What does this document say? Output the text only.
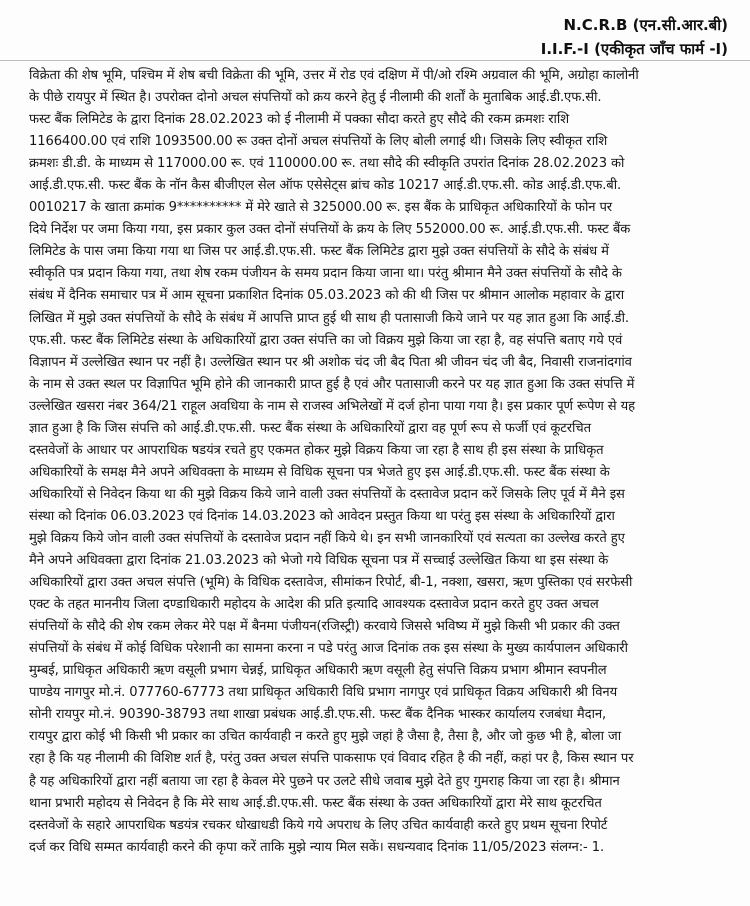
N.C.R.B (एन.सी.आर.बी)
I.I.F.-I (एकीकृत जाँच फार्म -I)
विक्रेता की शेष भूमि, पश्चिम में शेष बची विक्रेता की भूमि, उत्तर में रोड एवं दक्षिण में पी/ओ रश्मि अग्रवाल की भूमि, अग्रोहा कालोनी
के पीछे रायपुर में स्थित है। उपरोक्त दोनो अचल संपत्तियों को क्रय करने हेतु ई नीलामी की शर्तों के मुताबिक आई.डी.एफ.सी.
फस्ट बैंक लिमिटेड के द्वारा दिनांक 28.02.2023 को ई नीलामी में पक्का सौदा करते हुए सौदे की रकम क्रमशः राशि
1166400.00 एवं राशि 1093500.00 रू उक्त दोनों अचल संपत्तियों के लिए बोली लगाई थी। जिसके लिए स्वीकृत राशि
क्रमशः डी.डी. के माध्यम से 117000.00 रू. एवं 110000.00 रू. तथा सौदे की स्वीकृति उपरांत दिनांक 28.02.2023 को
आई.डी.एफ.सी. फस्ट बैंक के नॉन कैस बीजीएल सेल ऑफ एसेसेट्स ब्रांच कोड 10217 आई.डी.एफ.सी. कोड आई.डी.एफ.बी.
0010217 के खाता क्रमांक 9********** में मेरे खाते से 325000.00 रू. इस बैंक के प्राधिकृत अधिकारियों के फोन पर
दिये निर्देश पर जमा किया गया, इस प्रकार कुल उक्त दोनों संपत्तियों के क्रय के लिए 552000.00 रू. आई.डी.एफ.सी. फस्ट बैंक
लिमिटेड के पास जमा किया गया था जिस पर आई.डी.एफ.सी. फस्ट बैंक लिमिटेड द्वारा मुझे उक्त संपत्तियों के सौदे के संबंध में
स्वीकृति पत्र प्रदान किया गया, तथा शेष रकम पंजीयन के समय प्रदान किया जाना था। परंतु श्रीमान मैने उक्त संपत्तियों के सौदे के
संबंध में दैनिक समाचार पत्र में आम सूचना प्रकाशित दिनांक 05.03.2023 को की थी जिस पर श्रीमान आलोक महावार के द्वारा
लिखित में मुझे उक्त संपत्तियों के सौदे के संबंध में आपत्ति प्राप्त हुई थी साथ ही पतासाजी किये जाने पर यह ज्ञात हुआ कि आई.डी.
एफ.सी. फस्ट बैंक लिमिटेड संस्था के अधिकारियों द्वारा उक्त संपत्ति का जो विक्रय मुझे किया जा रहा है, वह संपत्ति बताए गये एवं
विज्ञापन में उल्लेखित स्थान पर नहीं है। उल्लेखित स्थान पर श्री अशोक चंद जी बैद पिता श्री जीवन चंद जी बैद, निवासी राजनांदगांव
के नाम से उक्त स्थल पर विज्ञापित भूमि होने की जानकारी प्राप्त हुई है एवं और पतासाजी करने पर यह ज्ञात हुआ कि उक्त संपत्ति में
उल्लेखित खसरा नंबर 364/21 राहूल अवधिया के नाम से राजस्व अभिलेखों में दर्ज होना पाया गया है। इस प्रकार पूर्ण रूपेण से यह
ज्ञात हुआ है कि जिस संपत्ति को आई.डी.एफ.सी. फस्ट बैंक संस्था के अधिकारियों द्वारा वह पूर्ण रूप से फर्जी एवं कूटरचित
दस्तवेजों के आधार पर आपराधिक षडयंत्र रचते हुए एकमत होकर मुझे विक्रय किया जा रहा है साथ ही इस संस्था के प्राधिकृत
अधिकारियों के समक्ष मैने अपने अधिवक्ता के माध्यम से विधिक सूचना पत्र भेजते हुए इस आई.डी.एफ.सी. फस्ट बैंक संस्था के
अधिकारियों से निवेदन किया था की मुझे विक्रय किये जाने वाली उक्त संपत्तियों के दस्तावेज प्रदान करें जिसके लिए पूर्व में मैने इस
संस्था को दिनांक 06.03.2023 एवं दिनांक 14.03.2023 को आवेदन प्रस्तुत किया था परंतु इस संस्था के अधिकारियों द्वारा
मुझे विक्रय किये जोन वाली उक्त संपत्तियों के दस्तावेज प्रदान नहीं किये थे। इन सभी जानकारियों एवं सत्यता का उल्लेख करते हुए
मैने अपने अधिवक्ता द्वारा दिनांक 21.03.2023 को भेजो गये विधिक सूचना पत्र में सच्चाई उल्लेखित किया था इस संस्था के
अधिकारियों द्वारा उक्त अचल संपत्ति (भूमि) के विधिक दस्तावेज, सीमांकन रिपोर्ट, बी-1, नक्शा, खसरा, ऋण पुस्तिका एवं सरफेसी
एक्ट के तहत माननीय जिला दण्डाधिकारी महोदय के आदेश की प्रति इत्यादि आवश्यक दस्तावेज प्रदान करते हुए उक्त अचल
संपत्तियों के सौदे की शेष रकम लेकर मेरे पक्ष में बैनमा पंजीयन(रजिस्ट्री) करवाये जिससे भविष्य में मुझे किसी भी प्रकार की उक्त
संपत्तियों के संबंध में कोई विधिक परेशानी का सामना करना न पडे परंतु आज दिनांक तक इस संस्था के मुख्य कार्यपालन अधिकारी
मुम्बई, प्राधिकृत अधिकारी ऋण वसूली प्रभाग चेन्नई, प्राधिकृत अधिकारी ऋण वसूली हेतु संपत्ति विक्रय प्रभाग श्रीमान स्वपनील
पाण्डेय नागपुर मो.नं. 077760-67773 तथा प्राधिकृत अधिकारी विधि प्रभाग नागपुर एवं प्राधिकृत विक्रय अधिकारी श्री विनय
सोनी रायपुर मो.नं. 90390-38793 तथा शाखा प्रबंधक आई.डी.एफ.सी. फस्ट बैंक दैनिक भास्कर कार्यालय रजबंधा मैदान,
रायपुर द्वारा कोई भी किसी भी प्रकार का उचित कार्यवाही न करते हुए मुझे जहां है जैसा है, तैसा है, और जो कुछ भी है, बोला जा
रहा है कि यह नीलामी की विशिष्ट शर्त है, परंतु उक्त अचल संपत्ति पाकसाफ एवं विवाद रहित है की नहीं, कहां पर है, किस स्थान पर
है यह अधिकारियों द्वारा नहीं बताया जा रहा है केवल मेरे पुछने पर उलटे सीधे जवाब मुझे देते हुए गुमराह किया जा रहा है। श्रीमान
थाना प्रभारी महोदय से निवेदन है कि मेरे साथ आई.डी.एफ.सी. फस्ट बैंक संस्था के उक्त अधिकारियों द्वारा मेरे साथ कूटरचित
दस्तवेजों के सहारे आपराधिक षडयंत्र रचकर धोखाधडी किये गये अपराध के लिए उचित कार्यवाही करते हुए प्रथम सूचना रिपोर्ट
दर्ज कर विधि सम्मत कार्यवाही करने की कृपा करें ताकि मुझे न्याय मिल सकें। सधन्यवाद दिनांक 11/05/2023 संलग्न:- 1.
